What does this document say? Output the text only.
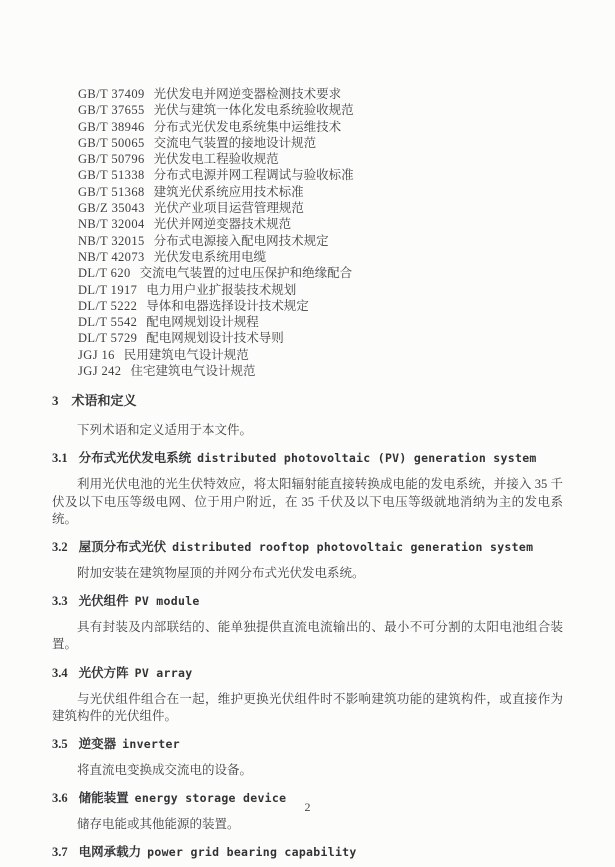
GB/T 37409 光伏发电并网逆变器检测技术要求
GB/T 37655 光伏与建筑一体化发电系统验收规范
GB/T 38946 分布式光伏发电系统集中运维技术
GB/T 50065 交流电气装置的接地设计规范
GB/T 50796 光伏发电工程验收规范
GB/T 51338 分布式电源并网工程调试与验收标准
GB/T 51368 建筑光伏系统应用技术标准
GB/Z 35043 光伏产业项目运营管理规范
NB/T 32004 光伏并网逆变器技术规范
NB/T 32015 分布式电源接入配电网技术规定
NB/T 42073 光伏发电系统用电缆
DL/T 620 交流电气装置的过电压保护和绝缘配合
DL/T 1917 电力用户业扩报装技术规划
DL/T 5222 导体和电器选择设计技术规定
DL/T 5542 配电网规划设计规程
DL/T 5729 配电网规划设计技术导则
JGJ 16 民用建筑电气设计规范
JGJ 242 住宅建筑电气设计规范
3 术语和定义

下列术语和定义适用于本文件。

3.1 分布式光伏发电系统 distributed photovoltaic (PV) generation system

利用光伏电池的光生伏特效应，将太阳辐射能直接转换成电能的发电系统，并接入 35 千伏及以下电压等级电网、位于用户附近，在 35 千伏及以下电压等级就地消纳为主的发电系统。

3.2 屋顶分布式光伏 distributed rooftop photovoltaic generation system

附加安装在建筑物屋顶的并网分布式光伏发电系统。

3.3 光伏组件 PV module

具有封装及内部联结的、能单独提供直流电流输出的、最小不可分割的太阳电池组合装置。

3.4 光伏方阵 PV array

与光伏组件组合在一起，维护更换光伏组件时不影响建筑功能的建筑构件，或直接作为建筑构件的光伏组件。

3.5 逆变器 inverter

将直流电变换成交流电的设备。

3.6 储能装置 energy storage device

储存电能或其他能源的装置。

3.7 电网承载力 power grid bearing capability
2
